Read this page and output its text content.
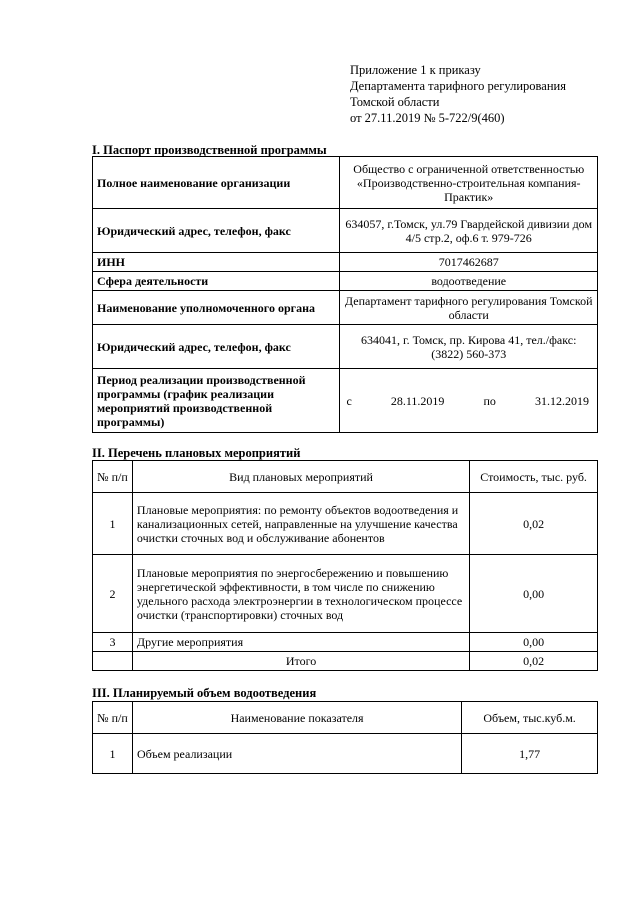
Приложение 1 к приказу
Департамента тарифного регулирования
Томской области
от 27.11.2019 № 5-722/9(460)
I. Паспорт производственной программы
Полное наименование организации	Общество с ограниченной ответственностью «Производственно-строительная компания-Практик»
Юридический адрес, телефон, факс	634057, г.Томск, ул.79 Гвардейской дивизии дом 4/5 стр.2, оф.6 т. 979-726
ИНН	7017462687
Сфера деятельности	водоотведение
Наименование уполномоченного органа	Департамент тарифного регулирования Томской области
Юридический адрес, телефон, факс	634041, г. Томск, пр. Кирова 41, тел./факс: (3822) 560-373
Период реализации производственной программы (график реализации мероприятий производственной программы)	с 28.11.2019 по 31.12.2019
II. Перечень плановых мероприятий
№ п/п	Вид плановых мероприятий	Стоимость, тыс. руб.
1	Плановые мероприятия: по ремонту объектов водоотведения и канализационных сетей, направленные на улучшение качества очистки сточных вод и обслуживание абонентов	0,02
2	Плановые мероприятия по энергосбережению и повышению энергетической эффективности, в том числе по снижению удельного расхода электроэнергии в технологическом процессе очистки (транспортировки) сточных вод	0,00
3	Другие мероприятия	0,00
	Итого	0,02
III. Планируемый объем водоотведения
№ п/п	Наименование показателя	Объем, тыс.куб.м.
1	Объем реализации	1,77
